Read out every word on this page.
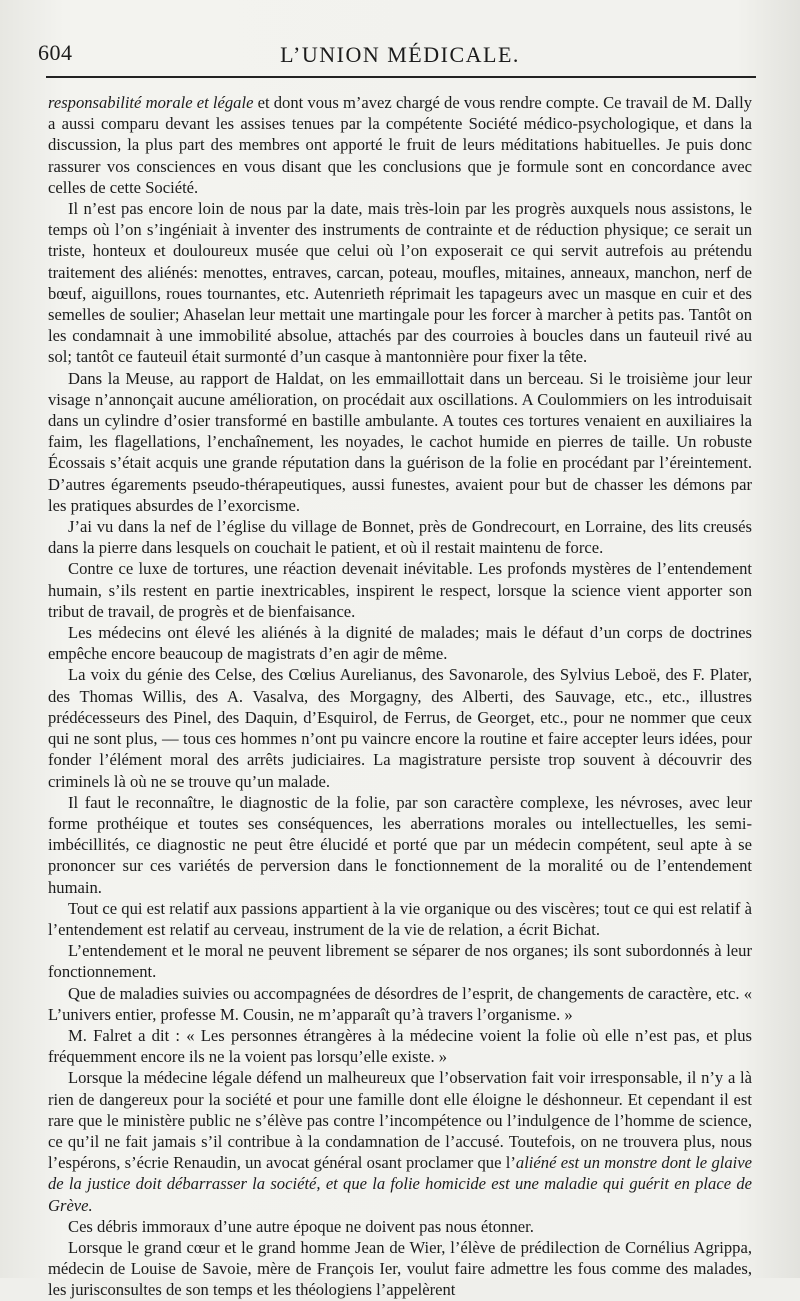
604	L’UNION MÉDICALE.

responsabilité morale et légale et dont vous m’avez chargé de vous rendre compte. Ce travail de M. Dally a aussi comparu devant les assises tenues par la compétente Société médico-psychologique, et dans la discussion, la plus part des membres ont apporté le fruit de leurs méditations habituelles. Je puis donc rassurer vos consciences en vous disant que les conclusions que je formule sont en concordance avec celles de cette Société.

Il n’est pas encore loin de nous par la date, mais très-loin par les progrès auxquels nous assistons, le temps où l’on s’ingéniait à inventer des instruments de contrainte et de réduction physique; ce serait un triste, honteux et douloureux musée que celui où l’on exposerait ce qui servit autrefois au prétendu traitement des aliénés: menottes, entraves, carcan, poteau, moufles, mitaines, anneaux, manchon, nerf de bœuf, aiguillons, roues tournantes, etc. Autenrieth réprimait les tapageurs avec un masque en cuir et des semelles de soulier; Ahaselan leur mettait une martingale pour les forcer à marcher à petits pas. Tantôt on les condamnait à une immobilité absolue, attachés par des courroies à boucles dans un fauteuil rivé au sol; tantôt ce fauteuil était surmonté d’un casque à mantonnière pour fixer la tête.

Dans la Meuse, au rapport de Haldat, on les emmaillottait dans un berceau. Si le troisième jour leur visage n’annonçait aucune amélioration, on procédait aux oscillations. A Coulommiers on les introduisait dans un cylindre d’osier transformé en bastille ambulante. A toutes ces tortures venaient en auxiliaires la faim, les flagellations, l’enchaînement, les noyades, le cachot humide en pierres de taille. Un robuste Écossais s’était acquis une grande réputation dans la guérison de la folie en procédant par l’éreintement. D’autres égarements pseudo-thérapeutiques, aussi funestes, avaient pour but de chasser les démons par les pratiques absurdes de l’exorcisme.

J’ai vu dans la nef de l’église du village de Bonnet, près de Gondrecourt, en Lorraine, des lits creusés dans la pierre dans lesquels on couchait le patient, et où il restait maintenu de force.

Contre ce luxe de tortures, une réaction devenait inévitable. Les profonds mystères de l’entendement humain, s’ils restent en partie inextricables, inspirent le respect, lorsque la science vient apporter son tribut de travail, de progrès et de bienfaisance.

Les médecins ont élevé les aliénés à la dignité de malades; mais le défaut d’un corps de doctrines empêche encore beaucoup de magistrats d’en agir de même.

La voix du génie des Celse, des Cœlius Aurelianus, des Savonarole, des Sylvius Leboë, des F. Plater, des Thomas Willis, des A. Vasalva, des Morgagny, des Alberti, des Sauvage, etc., etc., illustres prédécesseurs des Pinel, des Daquin, d’Esquirol, de Ferrus, de Georget, etc., pour ne nommer que ceux qui ne sont plus, — tous ces hommes n’ont pu vaincre encore la routine et faire accepter leurs idées, pour fonder l’élément moral des arrêts judiciaires. La magistrature persiste trop souvent à découvrir des criminels là où ne se trouve qu’un malade.

Il faut le reconnaître, le diagnostic de la folie, par son caractère complexe, les névroses, avec leur forme prothéique et toutes ses conséquences, les aberrations morales ou intellectuelles, les semi-imbécillités, ce diagnostic ne peut être élucidé et porté que par un médecin compétent, seul apte à se prononcer sur ces variétés de perversion dans le fonctionnement de la moralité ou de l’entendement humain.

Tout ce qui est relatif aux passions appartient à la vie organique ou des viscères; tout ce qui est relatif à l’entendement est relatif au cerveau, instrument de la vie de relation, a écrit Bichat.

L’entendement et le moral ne peuvent librement se séparer de nos organes; ils sont subordonnés à leur fonctionnement.

Que de maladies suivies ou accompagnées de désordres de l’esprit, de changements de caractère, etc. « L’univers entier, professe M. Cousin, ne m’apparaît qu’à travers l’organisme. »

M. Falret a dit : « Les personnes étrangères à la médecine voient la folie où elle n’est pas, et plus fréquemment encore ils ne la voient pas lorsqu’elle existe. »

Lorsque la médecine légale défend un malheureux que l’observation fait voir irresponsable, il n’y a là rien de dangereux pour la société et pour une famille dont elle éloigne le déshonneur. Et cependant il est rare que le ministère public ne s’élève pas contre l’incompétence ou l’indulgence de l’homme de science, ce qu’il ne fait jamais s’il contribue à la condamnation de l’accusé. Toutefois, on ne trouvera plus, nous l’espérons, s’écrie Renaudin, un avocat général osant proclamer que l’aliéné est un monstre dont le glaive de la justice doit débarrasser la société, et que la folie homicide est une maladie qui guérit en place de Grève.

Ces débris immoraux d’une autre époque ne doivent pas nous étonner.

Lorsque le grand cœur et le grand homme Jean de Wier, l’élève de prédilection de Cornélius Agrippa, médecin de Louise de Savoie, mère de François Ier, voulut faire admettre les fous comme des malades, les jurisconsultes de son temps et les théologiens l’appelèrent
